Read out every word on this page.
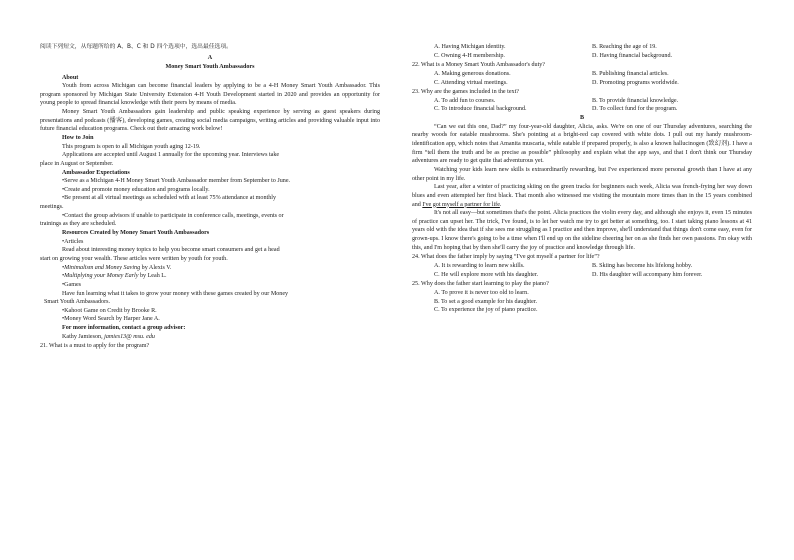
阅读下列短文，从每题所给的 A、B、C 和 D 四个选项中，选出最佳选项。

A

Money Smart Youth Ambassadors

About

Youth from across Michigan can become financial leaders by applying to be a 4-H Money Smart Youth Ambassador. This program sponsored by Michigan State University Extension 4-H Youth Development started in 2020 and provides an opportunity for young people to spread financial knowledge with their peers by means of media.

Money Smart Youth Ambassadors gain leadership and public speaking experience by serving as guest speakers during presentations and podcasts (播客), developing games, creating social media campaigns, writing articles and providing valuable input into future financial education programs. Check out their amazing work below!

How to Join

This program is open to all Michigan youth aging 12-19.

Applications are accepted until August 1 annually for the upcoming year. Interviews take

place in August or September.

Ambassador Expectations

•Serve as a Michigan 4-H Money Smart Youth Ambassador member from September to June.

•Create and promote money education and programs locally.

•Be present at all virtual meetings as scheduled with at least 75% attendance at monthly

meetings.

•Contact the group advisors if unable to participate in conference calls, meetings, events or

trainings as they are scheduled.

Resources Created by Money Smart Youth Ambassadors

•Articles

Read about interesting money topics to help you become smart consumers and get a head

start on growing your wealth. These articles were written by youth for youth.

•Minimalism and Money Saving by Alexis V.

•Multiplying your Money Early by Leah L.

•Games

Have fun learning what it takes to grow your money with these games created by our Money

Smart Youth Ambassadors.

•Kahoot Game on Credit by Brooke R.

•Money Word Search by Harper Jane A.

For more information, contact a group advisor:

Kathy Jamieson, jamies13@ msu. edu

21. What is a must to apply for the program?

A. Having Michigan identity.	B. Reaching the age of 19.
C. Owning 4-H membership.	D. Having financial background.

22. What is a Money Smart Youth Ambassador's duty?

A. Making generous donations.	B. Publishing financial articles.
C. Attending virtual meetings.	D. Promoting programs worldwide.

23. Why are the games included in the text?

A. To add fun to courses.	B. To provide financial knowledge.
C. To introduce financial background.	D. To collect fund for the program.

B

“Can we eat this one, Dad?” my four-year-old daughter, Alicia, asks. We're on one of our Thursday adventures, searching the nearby woods for eatable mushrooms. She's pointing at a bright-red cap covered with white dots. I pull out my handy mushroom-identification app, which notes that Amanita muscaria, while eatable if prepared properly, is also a known hallucinogen (致幻剂). I have a firm “tell them the truth and be as precise as possible” philosophy and explain what the app says, and that I don't think our Thursday adventures are ready to get quite that adventurous yet.

Watching your kids learn new skills is extraordinarily rewarding, but I've experienced more personal growth than I have at any other point in my life.

Last year, after a winter of practicing skiing on the green tracks for beginners each week, Alicia was french-frying her way down blues and even attempted her first black. That month also witnessed me visiting the mountain more times than in the 15 years combined and I've got myself a partner for life.

It's not all easy—but sometimes that's the point. Alicia practices the violin every day, and although she enjoys it, even 15 minutes of practice can upset her. The trick, I've found, is to let her watch me try to get better at something, too. I start taking piano lessons at 41 years old with the idea that if she sees me struggling as I practice and then improve, she'll understand that things don't come easy, even for grown-ups. I know there's going to be a time when I'll end up on the sideline cheering her on as she finds her own passions. I'm okay with this, and I'm hoping that by then she'll carry the joy of practice and knowledge through life.

24. What does the father imply by saying “I've got myself a partner for life”?

A. It is rewarding to learn new skills.	B. Skiing has become his lifelong hobby.
C. He will explore more with his daughter.	D. His daughter will accompany him forever.

25. Why does the father start learning to play the piano?

A. To prove it is never too old to learn.

B. To set a good example for his daughter.

C. To experience the joy of piano practice.
